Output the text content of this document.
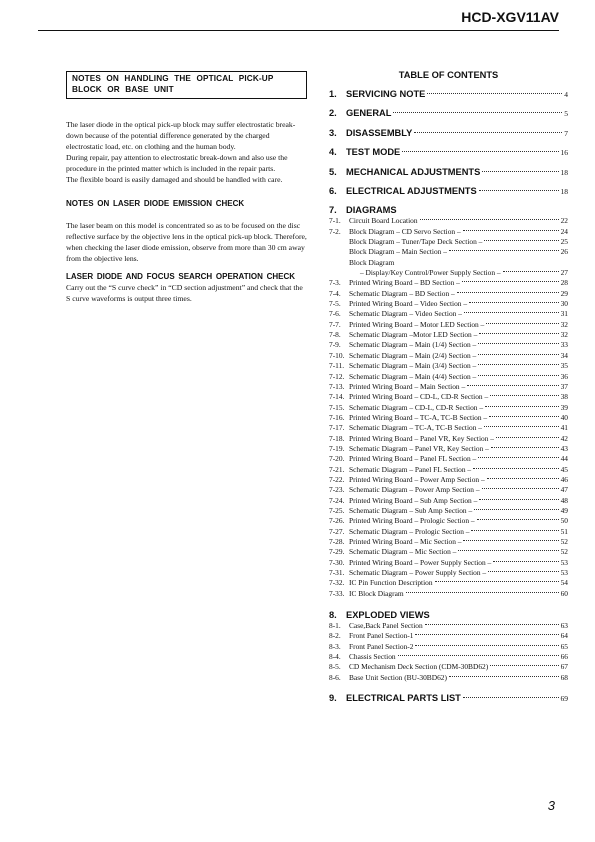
HCD-XGV11AV
NOTES ON HANDLING THE OPTICAL PICK-UP BLOCK OR BASE UNIT

The laser diode in the optical pick-up block may suffer electrostatic break-down because of the potential difference generated by the charged electrostatic load, etc. on clothing and the human body.

During repair, pay attention to electrostatic break-down and also use the procedure in the printed matter which is included in the repair parts.

The flexible board is easily damaged and should be handled with care.

NOTES ON LASER DIODE EMISSION CHECK

The laser beam on this model is concentrated so as to be focused on the disc reflective surface by the objective lens in the optical pick-up block. Therefore, when checking the laser diode emission, observe from more than 30 cm away from the objective lens.

LASER DIODE AND FOCUS SEARCH OPERATION CHECK

Carry out the “S curve check” in “CD section adjustment” and check that the S curve waveforms is output three times.

TABLE OF CONTENTS

1. SERVICING NOTE	4
2. GENERAL	5
3. DISASSEMBLY	7
4. TEST MODE	16
5. MECHANICAL ADJUSTMENTS	18
6. ELECTRICAL ADJUSTMENTS	18
7. DIAGRAMS
7-1.	Circuit Board Location	22
7-2.	Block Diagram – CD Servo Section –	24
Block Diagram – Tuner/Tape Deck Section –	25
Block Diagram – Main Section –	26
Block Diagram
– Display/Key Control/Power Supply Section –	27
7-3.	Printed Wiring Board – BD Section –	28
7-4.	Schematic Diagram – BD Section –	29
7-5.	Printed Wiring Board – Video Section –	30
7-6.	Schematic Diagram – Video Section –	31
7-7.	Printed Wiring Board – Motor LED Section –	32
7-8.	Schematic Diagram –Motor LED Section –	32
7-9.	Schematic Diagram – Main (1/4) Section –	33
7-10. Schematic Diagram – Main (2/4) Section –	34
7-11. Schematic Diagram – Main (3/4) Section –	35
7-12. Schematic Diagram – Main (4/4) Section –	36
7-13. Printed Wiring Board – Main Section –	37
7-14. Printed Wiring Board – CD-L, CD-R Section –	38
7-15. Schematic Diagram – CD-L, CD-R Section –	39
7-16. Printed Wiring Board – TC-A, TC-B Section –	40
7-17. Schematic Diagram – TC-A, TC-B Section –	41
7-18. Printed Wiring Board – Panel VR, Key Section –	42
7-19. Schematic Diagram – Panel VR, Key Section –	43
7-20. Printed Wiring Board – Panel FL Section –	44
7-21. Schematic Diagram – Panel FL Section –	45
7-22. Printed Wiring Board – Power Amp Section –	46
7-23. Schematic Diagram – Power Amp Section –	47
7-24. Printed Wiring Board – Sub Amp Section –	48
7-25. Schematic Diagram – Sub Amp Section –	49
7-26. Printed Wiring Board – Prologic Section –	50
7-27. Schematic Diagram – Prologic Section –	51
7-28. Printed Wiring Board – Mic Section –	52
7-29. Schematic Diagram – Mic Section –	52
7-30. Printed Wiring Board – Power Supply Section –	53
7-31. Schematic Diagram – Power Supply Section –	53
7-32. IC Pin Function Description	54
7-33. IC Block Diagram	60
8. EXPLODED VIEWS
8-1.	Case,Back Panel Section	63
8-2.	Front Panel Section-1	64
8-3.	Front Panel Section-2	65
8-4.	Chassis Section	66
8-5.	CD Mechanism Deck Section (CDM-30BD62)	67
8-6.	Base Unit Section (BU-30BD62)	68
9. ELECTRICAL PARTS LIST	69
3
